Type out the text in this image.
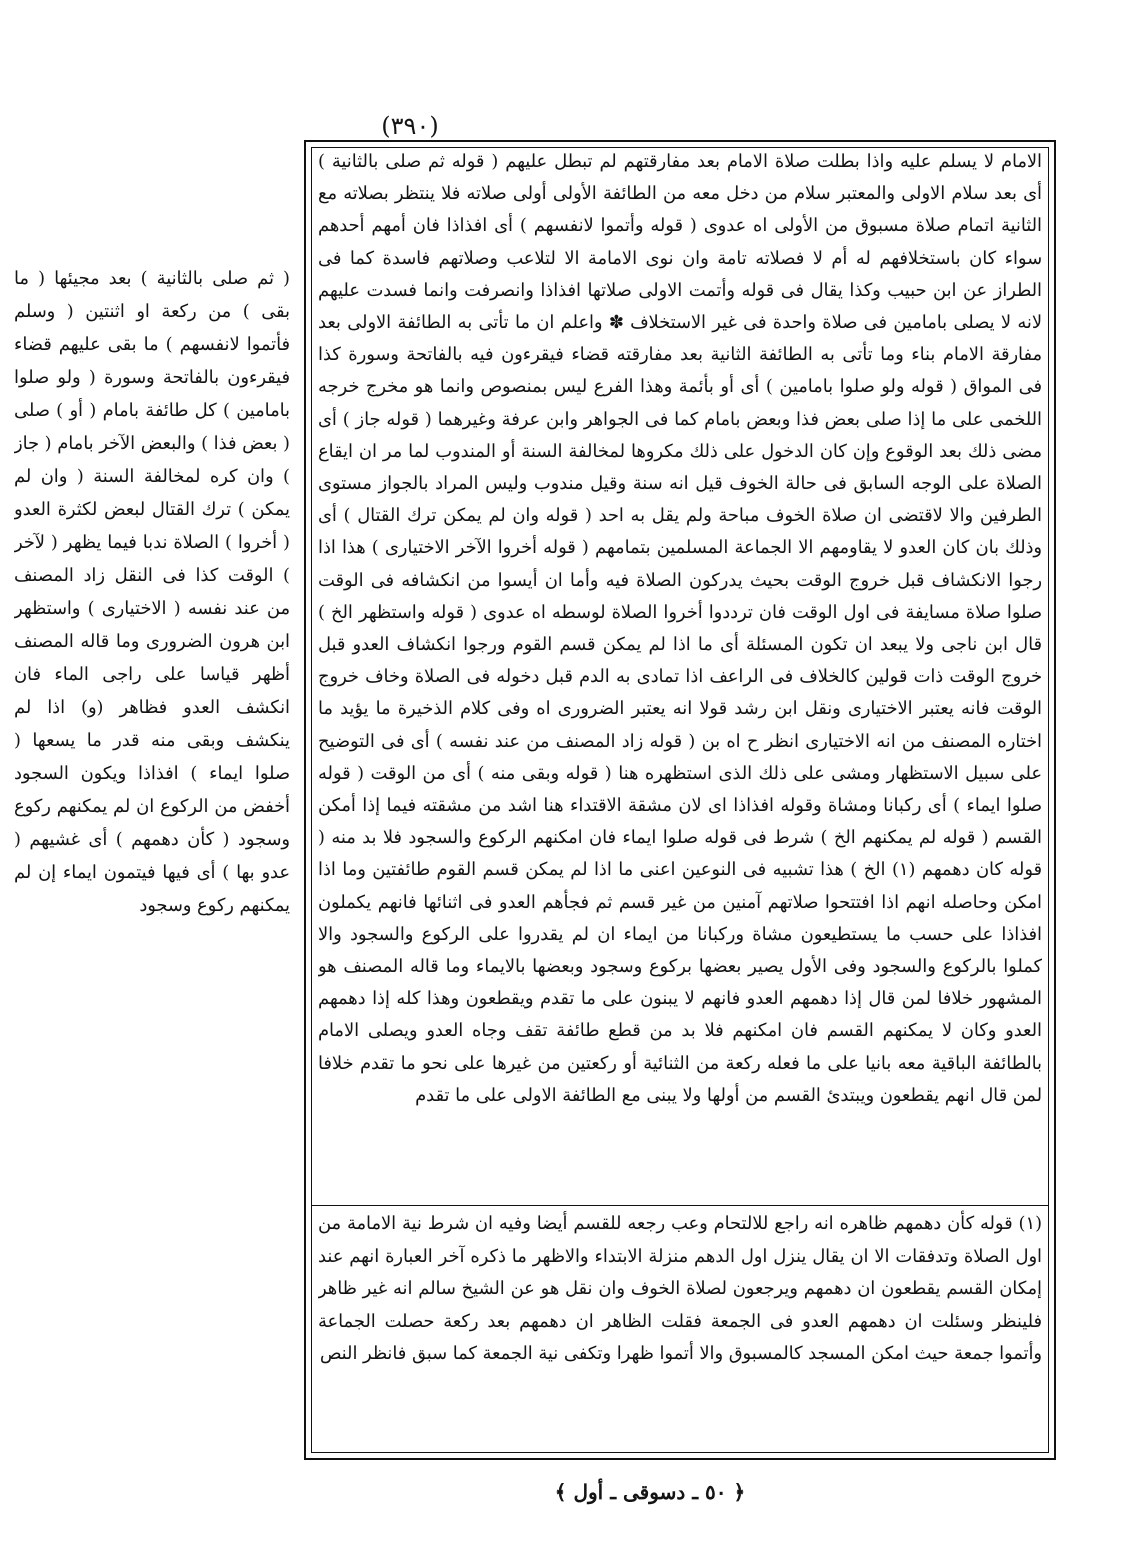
(٣٩٠)

( ثم صلى بالثانية ) بعد مجيئها ( ما بقى ) من ركعة او اثنتين ( وسلم فأتموا لانفسهم ) ما بقى عليهم قضاء فيقرءون بالفاتحة وسورة ( ولو صلوا بامامين ) كل طائفة بامام ( أو ) صلى ( بعض فذا ) والبعض الآخر بامام ( جاز ) وان كره لمخالفة السنة ( وان لم يمكن ) ترك القتال لبعض لكثرة العدو ( أخروا ) الصلاة ندبا فيما يظهر ( لآخر ) الوقت كذا فى النقل زاد المصنف من عند نفسه ( الاختيارى ) واستظهر ابن هرون الضرورى وما قاله المصنف أظهر قياسا على راجى الماء فان انكشف العدو فظاهر (و) اذا لم ينكشف وبقى منه قدر ما يسعها ( صلوا ايماء ) افذاذا ويكون السجود أخفض من الركوع ان لم يمكنهم ركوع وسجود ( كأن دهمهم ) أى غشيهم ( عدو بها ) أى فيها فيتمون ايماء إن لم يمكنهم ركوع وسجود

الامام لا يسلم عليه واذا بطلت صلاة الامام بعد مفارقتهم لم تبطل عليهم ( قوله ثم صلى بالثانية ) أى بعد سلام الاولى والمعتبر سلام من دخل معه من الطائفة الأولى أولى صلاته فلا ينتظر بصلاته مع الثانية اتمام صلاة مسبوق من الأولى اه عدوى ( قوله وأتموا لانفسهم ) أى افذاذا فان أمهم أحدهم سواء كان باستخلافهم له أم لا فصلاته تامة وان نوى الامامة الا لتلاعب وصلاتهم فاسدة كما فى الطراز عن ابن حبيب وكذا يقال فى قوله وأتمت الاولى صلاتها افذاذا وانصرفت وانما فسدت عليهم لانه لا يصلى بامامين فى صلاة واحدة فى غير الاستخلاف ✽ واعلم ان ما تأتى به الطائفة الاولى بعد مفارقة الامام بناء وما تأتى به الطائفة الثانية بعد مفارقته قضاء فيقرءون فيه بالفاتحة وسورة كذا فى المواق ( قوله ولو صلوا بامامين ) أى أو بأئمة وهذا الفرع ليس بمنصوص وانما هو مخرج خرجه اللخمى على ما إذا صلى بعض فذا وبعض بامام كما فى الجواهر وابن عرفة وغيرهما ( قوله جاز ) أى مضى ذلك بعد الوقوع وإن كان الدخول على ذلك مكروها لمخالفة السنة أو المندوب لما مر ان ايقاع الصلاة على الوجه السابق فى حالة الخوف قيل انه سنة وقيل مندوب وليس المراد بالجواز مستوى الطرفين والا لاقتضى ان صلاة الخوف مباحة ولم يقل به احد ( قوله وان لم يمكن ترك القتال ) أى وذلك بان كان العدو لا يقاومهم الا الجماعة المسلمين بتمامهم ( قوله أخروا الآخر الاختيارى ) هذا اذا رجوا الانكشاف قبل خروج الوقت بحيث يدركون الصلاة فيه وأما ان أيسوا من انكشافه فى الوقت صلوا صلاة مسايفة فى اول الوقت فان ترددوا أخروا الصلاة لوسطه اه عدوى ( قوله واستظهر الخ ) قال ابن ناجى ولا يبعد ان تكون المسئلة أى ما اذا لم يمكن قسم القوم ورجوا انكشاف العدو قبل خروج الوقت ذات قولين كالخلاف فى الراعف اذا تمادى به الدم قبل دخوله فى الصلاة وخاف خروج الوقت فانه يعتبر الاختيارى ونقل ابن رشد قولا انه يعتبر الضرورى اه وفى كلام الذخيرة ما يؤيد ما اختاره المصنف من انه الاختيارى انظر ح اه بن ( قوله زاد المصنف من عند نفسه ) أى فى التوضيح على سبيل الاستظهار ومشى على ذلك الذى استظهره هنا ( قوله وبقى منه ) أى من الوقت ( قوله صلوا ايماء ) أى ركبانا ومشاة وقوله افذاذا اى لان مشقة الاقتداء هنا اشد من مشقته فيما إذا أمكن القسم ( قوله لم يمكنهم الخ ) شرط فى قوله صلوا ايماء فان امكنهم الركوع والسجود فلا بد منه ( قوله كان دهمهم (١) الخ ) هذا تشبيه فى النوعين اعنى ما اذا لم يمكن قسم القوم طائفتين وما اذا امكن وحاصله انهم اذا افتتحوا صلاتهم آمنين من غير قسم ثم فجأهم العدو فى اثنائها فانهم يكملون افذاذا على حسب ما يستطيعون مشاة وركبانا من ايماء ان لم يقدروا على الركوع والسجود والا كملوا بالركوع والسجود وفى الأول يصير بعضها بركوع وسجود وبعضها بالايماء وما قاله المصنف هو المشهور خلافا لمن قال إذا دهمهم العدو فانهم لا يبنون على ما تقدم ويقطعون وهذا كله إذا دهمهم العدو وكان لا يمكنهم القسم فان امكنهم فلا بد من قطع طائفة تقف وجاه العدو ويصلى الامام بالطائفة الباقية معه بانيا على ما فعله ركعة من الثنائية أو ركعتين من غيرها على نحو ما تقدم خلافا لمن قال انهم يقطعون ويبتدئ القسم من أولها ولا يبنى مع الطائفة الاولى على ما تقدم

(١) قوله كأن دهمهم ظاهره انه راجع للالتحام وعب رجعه للقسم أيضا وفيه ان شرط نية الامامة من اول الصلاة وتدفقات الا ان يقال ينزل اول الدهم منزلة الابتداء والاظهر ما ذكره آخر العبارة انهم عند إمكان القسم يقطعون ان دهمهم ويرجعون لصلاة الخوف وان نقل هو عن الشيخ سالم انه غير ظاهر فلينظر وسئلت ان دهمهم العدو فى الجمعة فقلت الظاهر ان دهمهم بعد ركعة حصلت الجماعة وأتموا جمعة حيث امكن المسجد كالمسبوق والا أتموا ظهرا وتكفى نية الجمعة كما سبق فانظر النص

﴿ ٥٠ ـ دسوقى ـ أول ﴾
